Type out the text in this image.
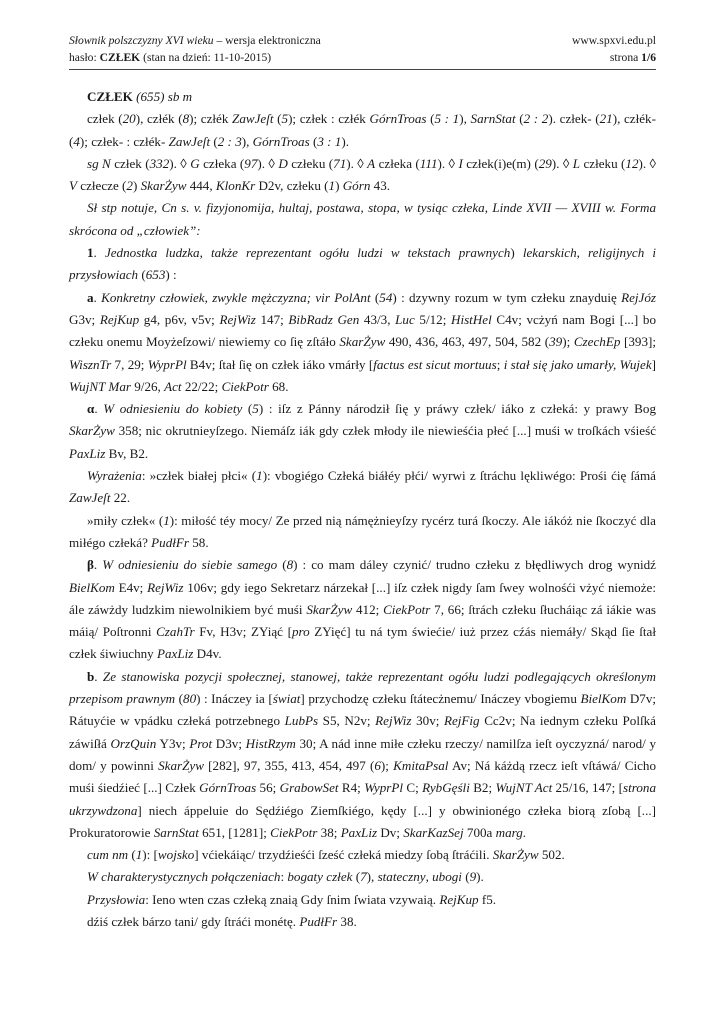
Słownik polszczyzny XVI wieku – wersja elektroniczna	www.spxvi.edu.pl
hasło: CZŁEK (stan na dzień: 11-10-2015)	strona 1/6

CZŁEK (655) sb m

człek (20), człék (8); człék ZawJeſt (5); człek : człék GórnTroas (5 : 1), SarnStat (2 : 2). człek- (21), człék- (4); człek- : człék- ZawJeſt (2 : 3), GórnTroas (3 : 1).

sg N człek (332). ◊ G człeka (97). ◊ D człeku (71). ◊ A człeka (111). ◊ I człek(i)e(m) (29). ◊ L człeku (12). ◊ V człecze (2) SkarŻyw 444, KlonKr D2v, człeku (1) Górn 43.

Sł stp notuje, Cn s. v. fizyjonomija, hultaj, postawa, stopa, w tysiąc człeka, Linde XVII — XVIII w. Forma skrócona od „człowiek”:

1. Jednostka ludzka, także reprezentant ogółu ludzi w tekstach prawnych) lekarskich, religijnych i przysłowiach (653) :

a. Konkretny człowiek, zwykle mężczyzna; vir PolAnt (54) : dzywny rozum w tym człeku znayduię RejJóz G3v; RejKup g4, p6v, v5v; RejWiz 147; BibRadz Gen 43/3, Luc 5/12; HistHel C4v; vcżyń nam Bogi [...] bo człeku onemu Moyżeſzowi/ niewiemy co ſię zſtáło SkarŻyw 490, 436, 463, 497, 504, 582 (39); CzechEp [393]; WisznTr 7, 29; WyprPl B4v; ſtał ſię on człek iáko vmárły [factus est sicut mortuus; i stał się jako umarły, Wujek] WujNT Mar 9/26, Act 22/22; CiekPotr 68.

α. W odniesieniu do kobiety (5) : iſz z Pánny národził ſię y práwy człek/ iáko z człeká: y prawy Bog SkarŻyw 358; nic okrutnieyſzego. Niemáſz iák gdy człek młody ile niewieśćia płeć [...] muśi w troſkách vśieść PaxLiz Bv, B2.

Wyrażenia: »człek białej płci« (1): vbogiégo Człeká biáłéy płći/ wyrwi z ſtráchu lękliwégo: Prośi ćię ſámá ZawJeſt 22.

»miły człek« (1): miłość téy mocy/ Ze przed nią námężnieyſzy rycérz turá ſkoczy. Ale iákóż nie ſkoczyć dla miłégo człeká? PudłFr 58.

β. W odniesieniu do siebie samego (8) : co mam dáley czynić/ trudno człeku z błędliwych drog wynidź BielKom E4v; RejWiz 106v; gdy iego Sekretarz nárzekał [...] iſz człek nigdy ſam ſwey wolnośći vżyć niemoże: ále záwżdy ludzkim niewolnikiem być muśi SkarŻyw 412; CiekPotr 7, 66; ſtrách człeku ſłucháiąc zá iákie was máią/ Poſtronni CzahTr Fv, H3v; ZYiąć [pro ZYięć] tu ná tym świećie/ iuż przez cźás niemáły/ Skąd ſie ſtał człek śiwiuchny PaxLiz D4v.

b. Ze stanowiska pozycji społecznej, stanowej, także reprezentant ogółu ludzi podlegających określonym przepisom prawnym (80) : Ináczey ia [świat] przychodzę człeku ſtátecżnemu/ Ináczey vbogiemu BielKom D7v; Rátuyćie w vpádku człeká potrzebnego LubPs S5, N2v; RejWiz 30v; RejFig Cc2v; Na iednym człeku Polſká záwiſłá OrzQuin Y3v; Prot D3v; HistRzym 30; A nád inne miłe człeku rzeczy/ namilſza ieſt oyczyzná/ narod/ y dom/ y powinni SkarŻyw [282], 97, 355, 413, 454, 497 (6); KmitaPsal Av; Ná káżdą rzecz ieſt vſtáwá/ Cicho muśi śiedźieć [...] Człek GórnTroas 56; GrabowSet R4; WyprPl C; RybGęśli B2; WujNT Act 25/16, 147; [strona ukrzywdzona] niech áppeluie do Sędźiégo Ziemſkiégo, kędy [...] y obwinionégo człeka biorą zſobą [...] Prokuratorowie SarnStat 651, [1281]; CiekPotr 38; PaxLiz Dv; SkarKazSej 700a marg.

cum nm (1): [wojsko] vćiekáiąc/ trzydźieśći ſześć człeká miedzy ſobą ſtráćili. SkarŻyw 502.

W charakterystycznych połączeniach: bogaty człek (7), stateczny, ubogi (9).

Przysłowia: Ieno wten czas człeką znaią Gdy ſnim ſwiata vzywaią. RejKup f5.

dźiś człek bárzo tani/ gdy ſtráći monétę. PudłFr 38.
